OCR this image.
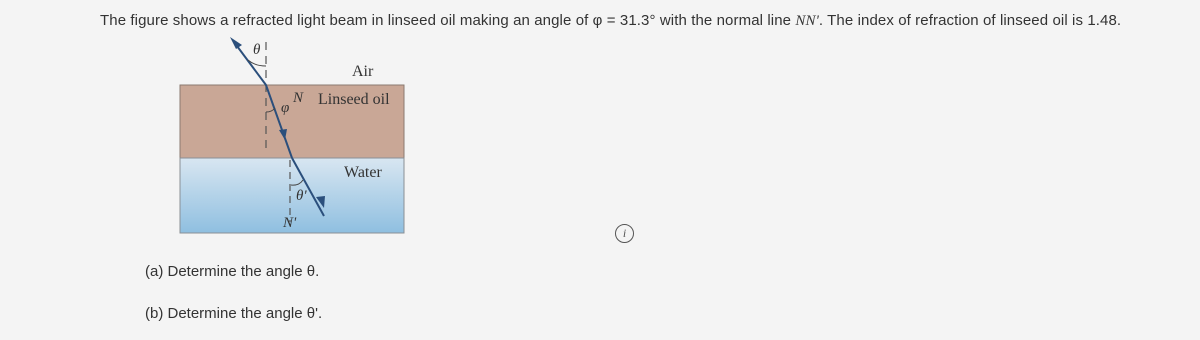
The figure shows a refracted light beam in linseed oil making an angle of φ = 31.3° with the normal line NN'. The index of refraction of linseed oil is 1.48.
θ
Air
N Linseed oil
φ
Water
θ'
N'
(a) Determine the angle θ.
(b) Determine the angle θ'.
i
